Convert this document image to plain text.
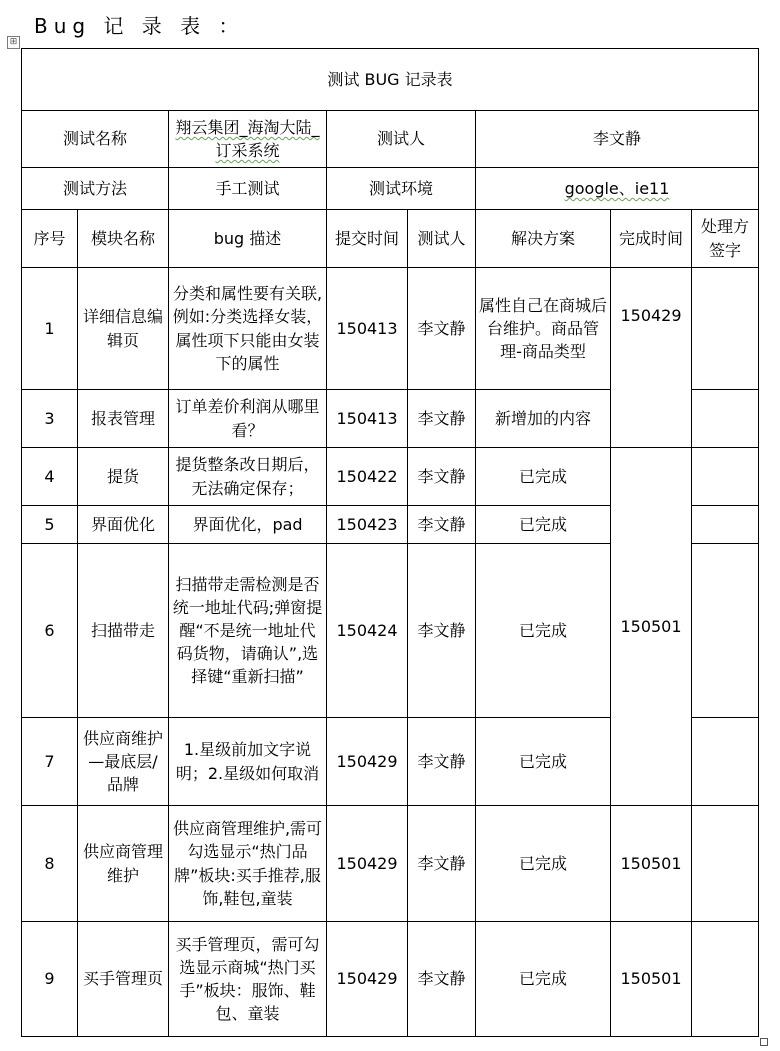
Bug 记 录 表 ：
⊞
测试 BUG 记录表							
测试名称		翔云集团_海淘大陆_订采系统	测试人		李文静		
测试方法		手工测试	测试环境		google、ie11		
序号	模块名称	bug 描述	提交时间	测试人	解决方案	完成时间	处理方签字
1	详细信息编辑页	分类和属性要有关联,例如:分类选择女装，属性项下只能由女装下的属性	150413	李文静	属性自己在商城后台维护。商品管理-商品类型	150429	
3	报表管理	订单差价利润从哪里看？	150413	李文静	新增加的内容		
4	提货	提货整条改日期后，无法确定保存；	150422	李文静	已完成	150501	
5	界面优化	界面优化，pad	150423	李文静	已完成		
6	扫描带走	扫描带走需检测是否统一地址代码;弹窗提醒“不是统一地址代码货物，请确认”,选择键“重新扫描”	150424	李文静	已完成		
7	供应商维护—最底层/品牌	1.星级前加文字说明；2.星级如何取消	150429	李文静	已完成		
8	供应商管理维护	供应商管理维护,需可勾选显示“热门品牌”板块:买手推荐,服饰,鞋包,童装	150429	李文静	已完成	150501	
9	买手管理页	买手管理页，需可勾选显示商城“热门买手”板块：服饰、鞋包、童装	150429	李文静	已完成	150501	
